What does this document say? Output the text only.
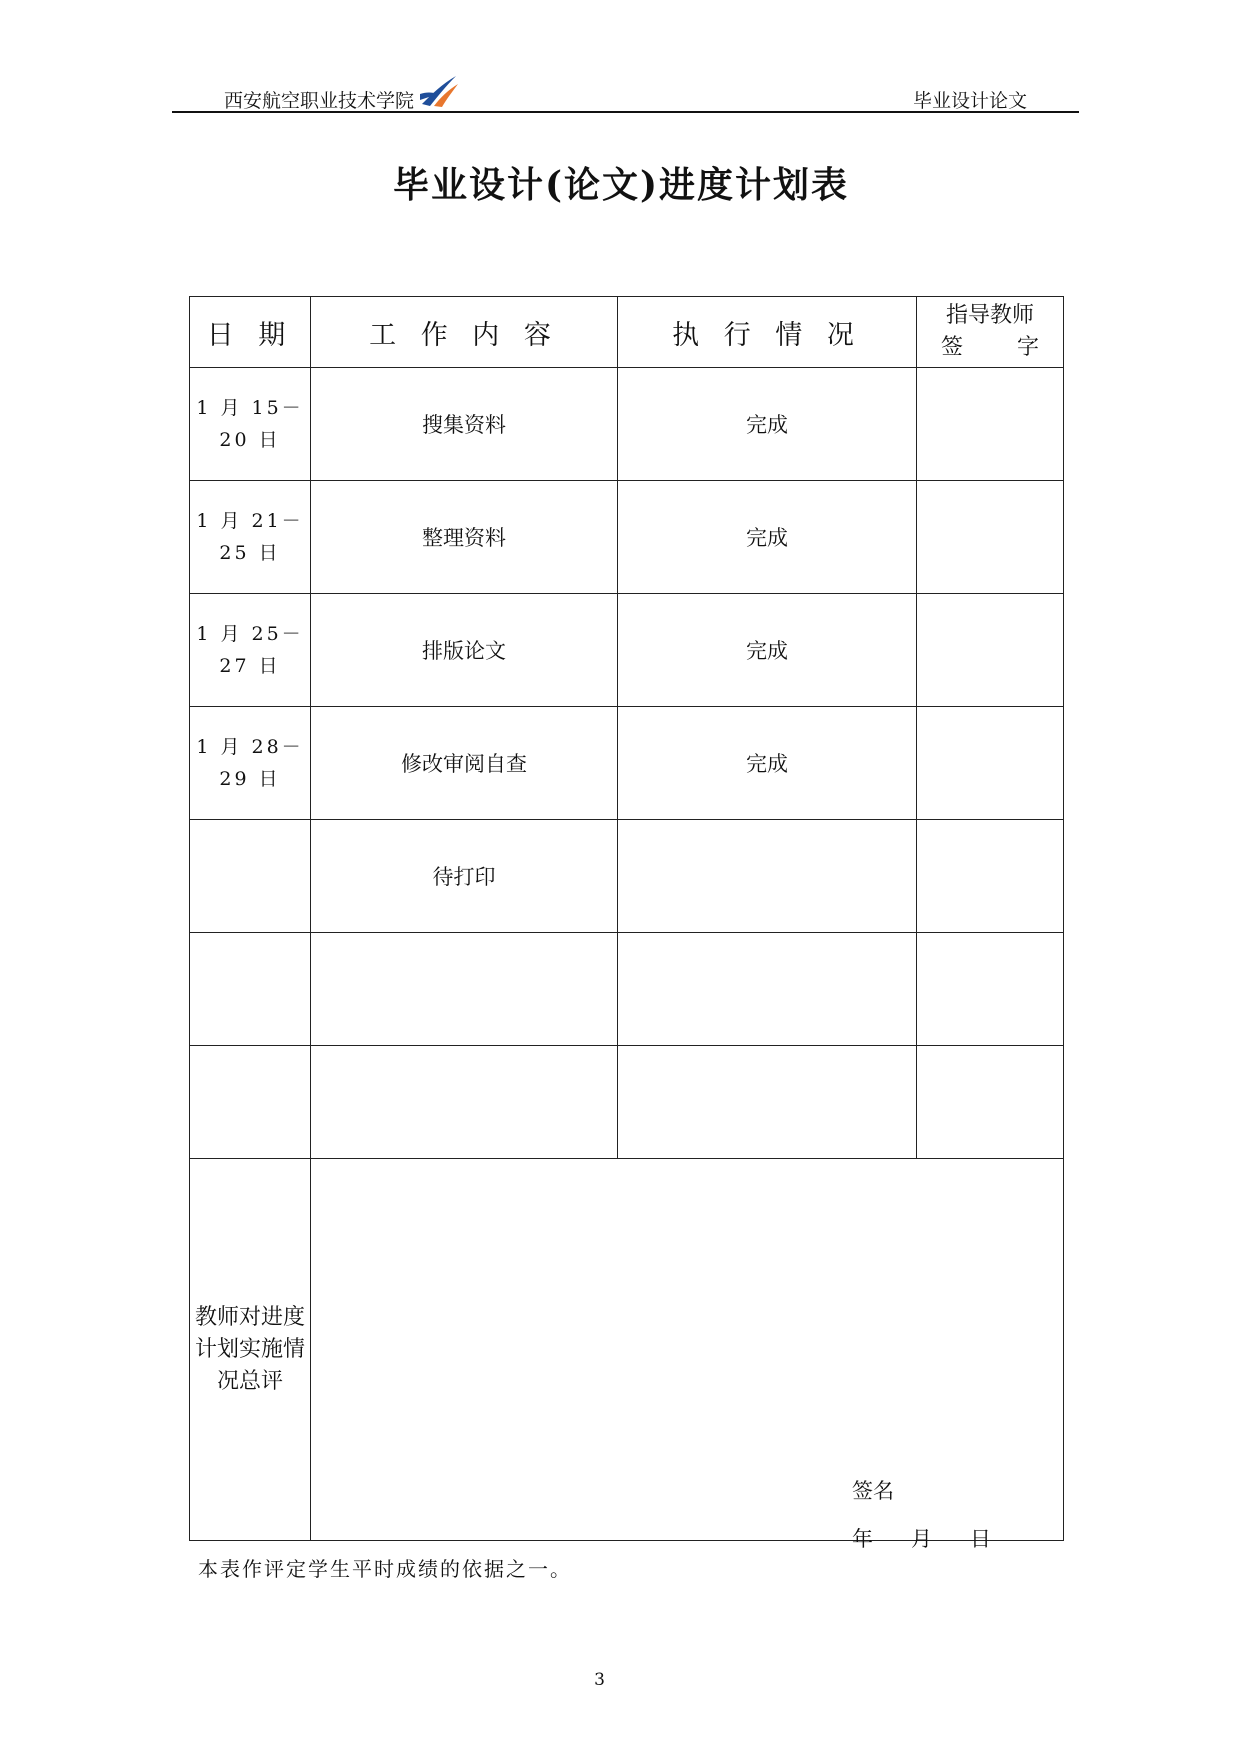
西安航空职业技术学院	毕业设计论文
毕业设计(论文)进度计划表
日 期	工 作 内 容	执 行 情 况	指导教师
签 字

1 月 15－
20 日	搜集资料	完成	

1 月 21－
25 日	整理资料	完成	

1 月 25－
27 日	排版论文	完成	

1 月 28－
29 日	修改审阅自查	完成	

	待打印		

教师对进度计划实施情况总评	签名
年 月 日		
本表作评定学生平时成绩的依据之一。
3
